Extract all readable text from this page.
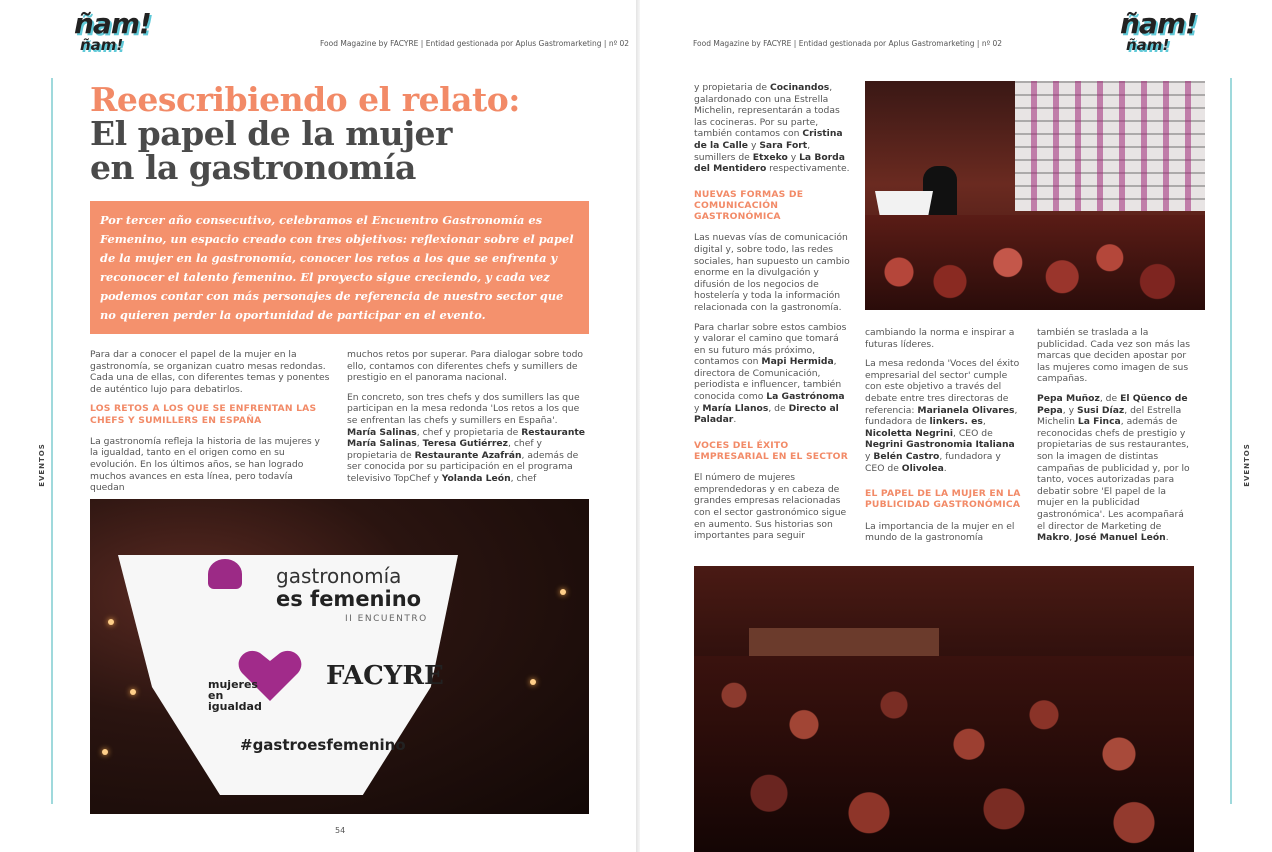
ñam!
ñam!	Food Magazine by FACYRE | Entidad gestionada por Aplus Gastromarketing | nº 02
EVENTOS
Reescribiendo el relato:
El papel de la mujer
en la gastronomía

Por tercer año consecutivo, celebramos el Encuentro Gastronomía es Femenino, un espacio creado con tres objetivos: reflexionar sobre el papel de la mujer en la gastronomía, conocer los retos a los que se enfrenta y reconocer el talento femenino. El proyecto sigue creciendo, y cada vez podemos contar con más personajes de referencia de nuestro sector que no quieren perder la oportunidad de participar en el evento.

Para dar a conocer el papel de la mujer en la gastronomía, se organizan cuatro mesas redondas. Cada una de ellas, con diferentes temas y ponentes de auténtico lujo para debatirlos.

LOS RETOS A LOS QUE SE ENFRENTAN LAS CHEFS Y SUMILLERS EN ESPAÑA

La gastronomía refleja la historia de las mujeres y la igualdad, tanto en el origen como en su evolución. En los últimos años, se han logrado muchos avances en esta línea, pero todavía quedan

muchos retos por superar. Para dialogar sobre todo ello, contamos con diferentes chefs y sumillers de prestigio en el panorama nacional.

En concreto, son tres chefs y dos sumillers las que participan en la mesa redonda 'Los retos a los que se enfrentan las chefs y sumillers en España'. María Salinas, chef y propietaria de Restaurante María Salinas, Teresa Gutiérrez, chef y propietaria de Restaurante Azafrán, además de ser conocida por su participación en el programa televisivo TopChef y Yolanda León, chef

gastronomía
es femenino
II ENCUENTRO
mujeres en igualdad
FACYRE
#gastroesfemenino
54
ñam!
ñam!
Food Magazine by FACYRE | Entidad gestionada por Aplus Gastromarketing | nº 02
EVENTOS

y propietaria de Cocinandos, galardonado con una Estrella Michelin, representarán a todas las cocineras. Por su parte, también contamos con Cristina de la Calle y Sara Fort, sumillers de Etxeko y La Borda del Mentidero respectivamente.

NUEVAS FORMAS DE COMUNICACIÓN GASTRONÓMICA

Las nuevas vías de comunicación digital y, sobre todo, las redes sociales, han supuesto un cambio enorme en la divulgación y difusión de los negocios de hostelería y toda la información relacionada con la gastronomía.

Para charlar sobre estos cambios y valorar el camino que tomará en su futuro más próximo, contamos con Mapi Hermida, directora de Comunicación, periodista e influencer, también conocida como La Gastrónoma y María Llanos, de Directo al Paladar.

VOCES DEL ÉXITO EMPRESARIAL EN EL SECTOR

El número de mujeres emprendedoras y en cabeza de grandes empresas relacionadas con el sector gastronómico sigue en aumento. Sus historias son importantes para seguir

cambiando la norma e inspirar a futuras líderes.

La mesa redonda 'Voces del éxito empresarial del sector' cumple con este objetivo a través del debate entre tres directoras de referencia: Marianela Olivares, fundadora de linkers. es, Nicoletta Negrini, CEO de Negrini Gastronomia Italiana y Belén Castro, fundadora y CEO de Olivolea.

EL PAPEL DE LA MUJER EN LA PUBLICIDAD GASTRONÓMICA

La importancia de la mujer en el mundo de la gastronomía

también se traslada a la publicidad. Cada vez son más las marcas que deciden apostar por las mujeres como imagen de sus campañas.

Pepa Muñoz, de El Qüenco de Pepa, y Susi Díaz, del Estrella Michelin La Finca, además de reconocidas chefs de prestigio y propietarias de sus restaurantes, son la imagen de distintas campañas de publicidad y, por lo tanto, voces autorizadas para debatir sobre 'El papel de la mujer en la publicidad gastronómica'. Les acompañará el director de Marketing de Makro, José Manuel León.
